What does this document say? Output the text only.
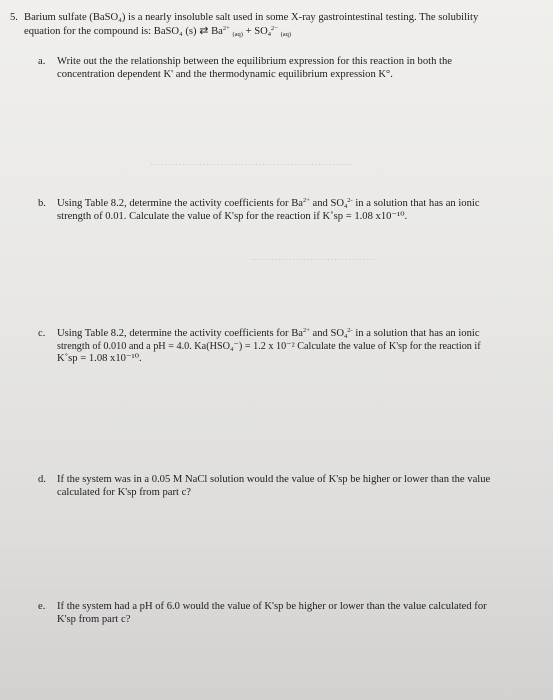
​··························································
····································
5. Barium sulfate (BaSO₄) is a nearly insoluble salt used in some X-ray gastrointestinal testing. The solubility
equation for the compound is: BaSO₄ (s) ⇄ $Ba^{2+}$ $_{(aq)} + SO_4^{2-}$ $_{(aq)}$
a. Write out the the relationship between the equilibrium expression for this reaction in both the
concentration dependent K' and the thermodynamic equilibrium expression K°.
b. Using Table 8.2, determine the activity coefficients for $Ba^{2+}$ and $SO_4^{2-}$ in a solution that has an ionic
strength of 0.01. Calculate the value of K'sp for the reaction if K˚sp = 1.08 x10⁻¹⁰.
c. Using Table 8.2, determine the activity coefficients for $Ba^{2+}$ and $SO_4^{2-}$ in a solution that has an ionic
strength of 0.010 and a pH = 4.0. Ka(HSO₄⁻) = 1.2 x 10⁻² Calculate the value of K'sp for the reaction if
K˚sp = 1.08 x10⁻¹⁰.
d. If the system was in a 0.05 M NaCl solution would the value of K'sp be higher or lower than the value
calculated for K'sp from part c?
e. If the system had a pH of 6.0 would the value of K'sp be higher or lower than the value calculated for
K'sp from part c?
